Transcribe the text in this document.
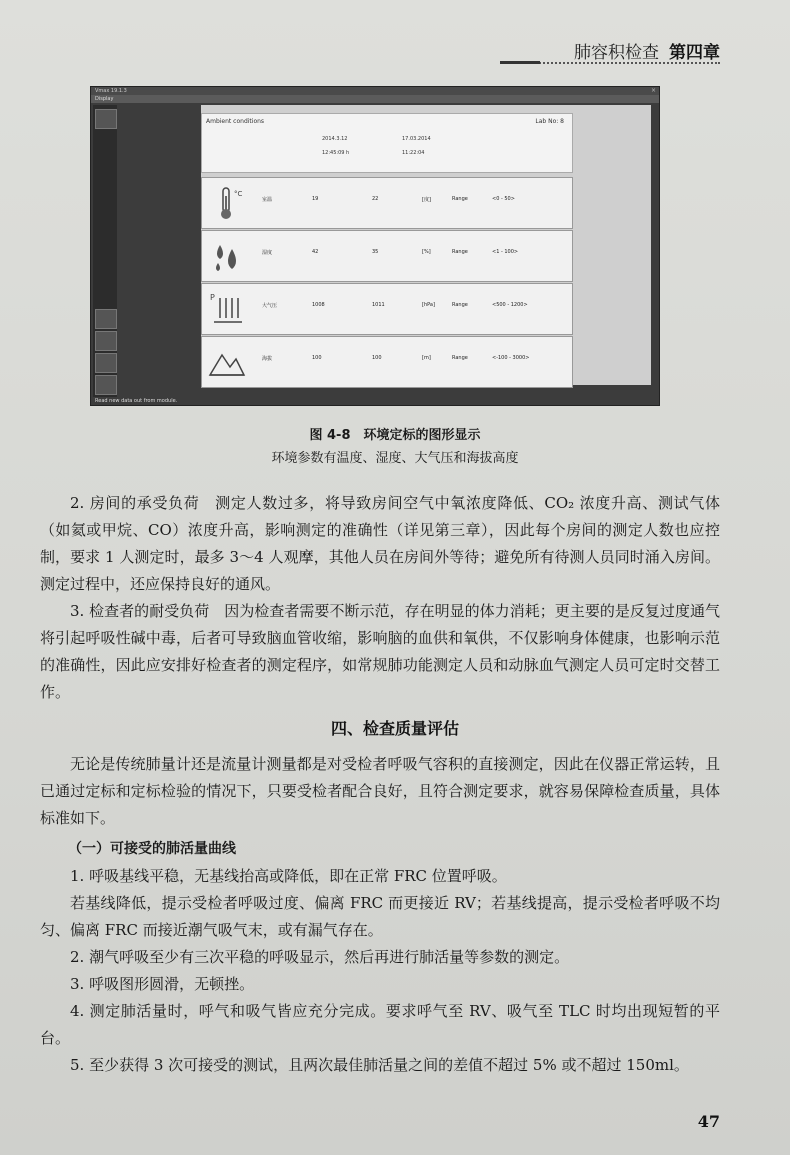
肺容积检查 第四章
Vmax 19.1.3	×
Display
Ambient conditions	Lab No: 8
2014.3.12	17.03.2014
12:45:09 h	11:22:04
°C
室温	19	22	[度]	Range	<0 - 50>
湿度	42	35	[%]	Range	<1 - 100>
P
大气压	1008	1011	[hPa]	Range	<500 - 1200>
海拔	100	100	[m]	Range	<-100 - 3000>
Read new data out from module.
图 4-8　环境定标的图形显示
环境参数有温度、湿度、大气压和海拔高度

2. 房间的承受负荷　测定人数过多，将导致房间空气中氧浓度降低、CO₂ 浓度升高、测试气体（如氦或甲烷、CO）浓度升高，影响测定的准确性（详见第三章），因此每个房间的测定人数也应控制，要求 1 人测定时，最多 3～4 人观摩，其他人员在房间外等待；避免所有待测人员同时涌入房间。测定过程中，还应保持良好的通风。

3. 检查者的耐受负荷　因为检查者需要不断示范，存在明显的体力消耗；更主要的是反复过度通气将引起呼吸性碱中毒，后者可导致脑血管收缩，影响脑的血供和氧供，不仅影响身体健康，也影响示范的准确性，因此应安排好检查者的测定程序，如常规肺功能测定人员和动脉血气测定人员可定时交替工作。

四、检查质量评估

无论是传统肺量计还是流量计测量都是对受检者呼吸气容积的直接测定，因此在仪器正常运转，且已通过定标和定标检验的情况下，只要受检者配合良好，且符合测定要求，就容易保障检查质量，具体标准如下。

（一）可接受的肺活量曲线

1. 呼吸基线平稳，无基线抬高或降低，即在正常 FRC 位置呼吸。

若基线降低，提示受检者呼吸过度、偏离 FRC 而更接近 RV；若基线提高，提示受检者呼吸不均匀、偏离 FRC 而接近潮气吸气末，或有漏气存在。

2. 潮气呼吸至少有三次平稳的呼吸显示，然后再进行肺活量等参数的测定。

3. 呼吸图形圆滑，无顿挫。

4. 测定肺活量时，呼气和吸气皆应充分完成。要求呼气至 RV、吸气至 TLC 时均出现短暂的平台。

5. 至少获得 3 次可接受的测试，且两次最佳肺活量之间的差值不超过 5% 或不超过 150ml。

47
